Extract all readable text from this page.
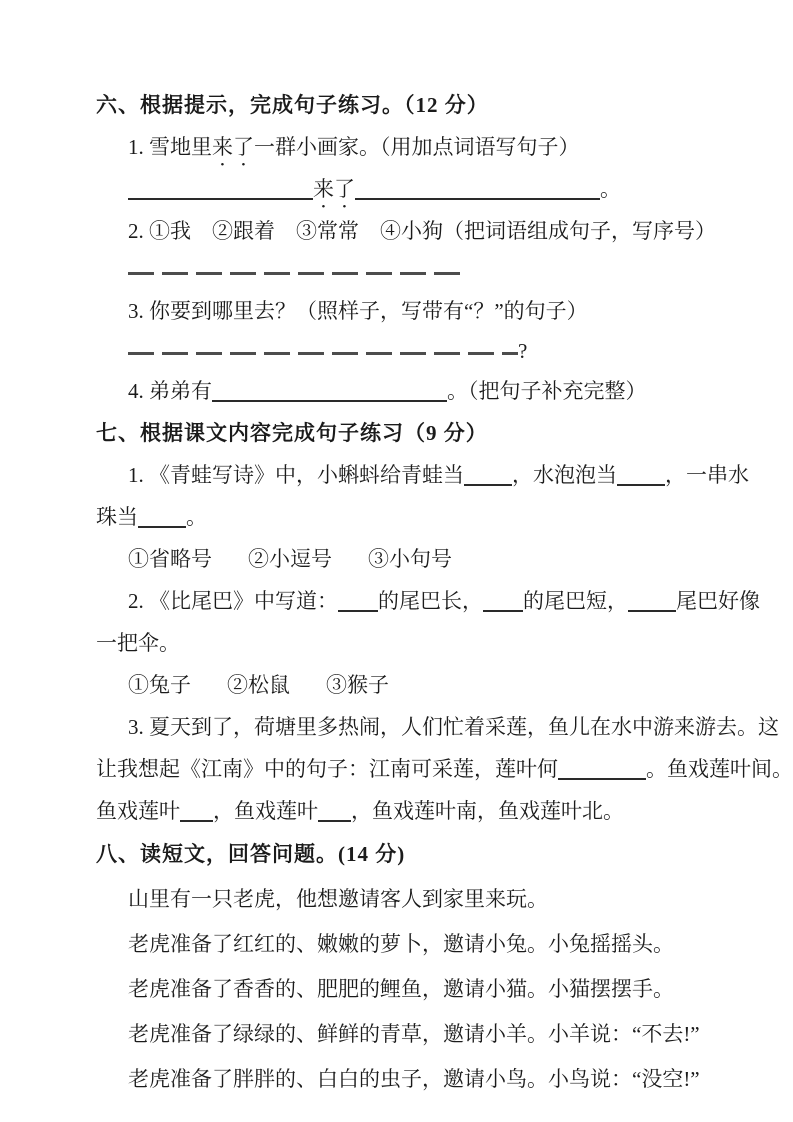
六、根据提示，完成句子练习。（12 分）
1. 雪地里来了一群小画家。（用加点词语写句子）
来了	。
2. ①我　②跟着　③常常　④小狗（把词语组成句子，写序号）
3. 你要到哪里去？（照样子，写带有“？”的句子）
?
4. 弟弟有	。（把句子补充完整）
七、根据课文内容完成句子练习（9 分）
1. 《青蛙写诗》中，小蝌蚪给青蛙当 ，水泡泡当 ，一串水
珠当 。
①省略号 ②小逗号 ③小句号
2. 《比尾巴》中写道： 的尾巴长， 的尾巴短， 尾巴好像
一把伞。
①兔子 ②松鼠 ③猴子
3. 夏天到了，荷塘里多热闹，人们忙着采莲，鱼儿在水中游来游去。这
让我想起《江南》中的句子：江南可采莲，莲叶何	。鱼戏莲叶间。
鱼戏莲叶 ，鱼戏莲叶 ，鱼戏莲叶南，鱼戏莲叶北。
八、读短文，回答问题。(14 分)
山里有一只老虎，他想邀请客人到家里来玩。
老虎准备了红红的、嫩嫩的萝卜，邀请小兔。小兔摇摇头。
老虎准备了香香的、肥肥的鲤鱼，邀请小猫。小猫摆摆手。
老虎准备了绿绿的、鲜鲜的青草，邀请小羊。小羊说：“不去!”
老虎准备了胖胖的、白白的虫子，邀请小鸟。小鸟说：“没空!”
